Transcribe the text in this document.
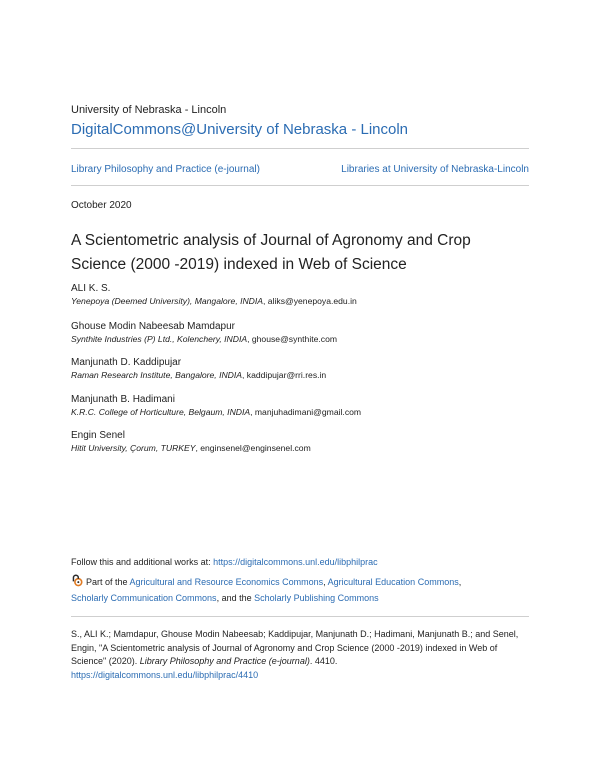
University of Nebraska - Lincoln
DigitalCommons@University of Nebraska - Lincoln
Library Philosophy and Practice (e-journal)	Libraries at University of Nebraska-Lincoln
October 2020
A Scientometric analysis of Journal of Agronomy and Crop
Science (2000 -2019) indexed in Web of Science
ALI K. S.
Yenepoya (Deemed University), Mangalore, INDIA, aliks@yenepoya.edu.in
Ghouse Modin Nabeesab Mamdapur
Synthite Industries (P) Ltd., Kolenchery, INDIA, ghouse@synthite.com
Manjunath D. Kaddipujar
Raman Research Institute, Bangalore, INDIA, kaddipujar@rri.res.in
Manjunath B. Hadimani
K.R.C. College of Horticulture, Belgaum, INDIA, manjuhadimani@gmail.com
Engin Senel
Hitit University, Çorum, TURKEY, enginsenel@enginsenel.com
Follow this and additional works at: https://digitalcommons.unl.edu/libphilprac
Part of the Agricultural and Resource Economics Commons, Agricultural Education Commons,
Scholarly Communication Commons, and the Scholarly Publishing Commons
S., ALI K.; Mamdapur, Ghouse Modin Nabeesab; Kaddipujar, Manjunath D.; Hadimani, Manjunath B.; and Senel, Engin, "A Scientometric analysis of Journal of Agronomy and Crop Science (2000 -2019) indexed in Web of Science" (2020). Library Philosophy and Practice (e-journal). 4410.
https://digitalcommons.unl.edu/libphilprac/4410
